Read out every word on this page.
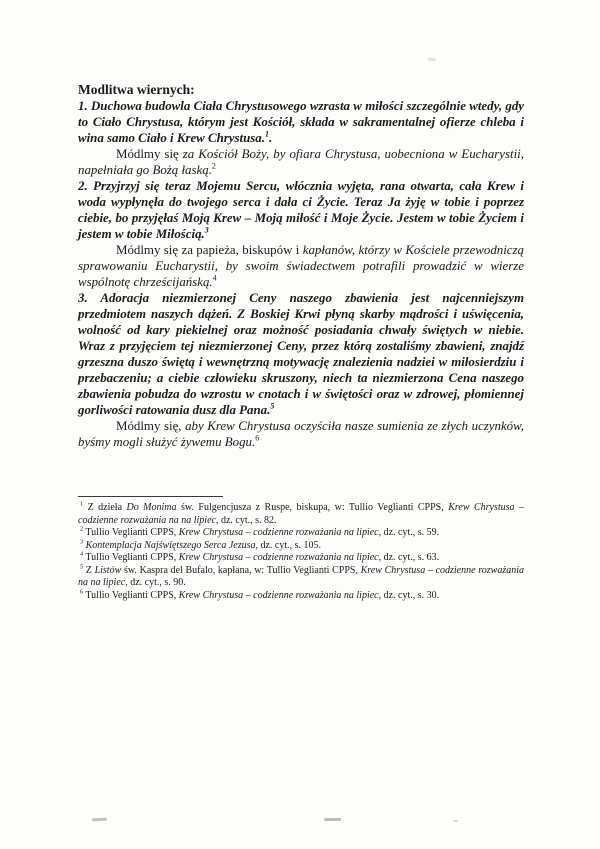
Modlitwa wiernych:

1. Duchowa budowla Ciała Chrystusowego wzrasta w miłości szczególnie wtedy, gdy to Ciało Chrystusa, którym jest Kościół, składa w sakramentalnej ofierze chleba i wina samo Ciało i Krew Chrystusa.$^1$.

Módlmy się za Kościół Boży, by ofiara Chrystusa, uobecniona w Eucharystii, napełniała go Bożą łaską.$^2$

2. Przyjrzyj się teraz Mojemu Sercu, włócznia wyjęta, rana otwarta, cała Krew i woda wypłynęła do twojego serca i dała ci Życie. Teraz Ja żyję w tobie i poprzez ciebie, bo przyjęłaś Moją Krew – Moją miłość i Moje Życie. Jestem w tobie Życiem i jestem w tobie Miłością.$^3$

Módlmy się za papieża, biskupów i kapłanów, którzy w Kościele przewodniczą sprawowaniu Eucharystii, by swoim świadectwem potrafili prowadzić w wierze wspólnotę chrześcijańską.$^4$

3. Adoracja niezmierzonej Ceny naszego zbawienia jest najcenniejszym przedmiotem naszych dążeń. Z Boskiej Krwi płyną skarby mądrości i uświęcenia, wolność od kary piekielnej oraz możność posiadania chwały świętych w niebie. Wraz z przyjęciem tej niezmierzonej Ceny, przez którą zostaliśmy zbawieni, znajdź grzeszna duszo świętą i wewnętrzną motywację znalezienia nadziei w miłosierdziu i przebaczeniu; a ciebie człowieku skruszony, niech ta niezmierzona Cena naszego zbawienia pobudza do wzrostu w cnotach i w świętości oraz w zdrowej, płomiennej gorliwości ratowania dusz dla Pana.$^5$

Módlmy się, aby Krew Chrystusa oczyściła nasze sumienia ze złych uczynków, byśmy mogli służyć żywemu Bogu.$^6$

$^1$ Z dzieła Do Monima św. Fulgencjusza z Ruspe, biskupa, w: Tullio Veglianti CPPS, Krew Chrystusa – codzienne rozważania na na lipiec, dz. cyt., s. 82.

$^2$ Tullio Veglianti CPPS, Krew Chrystusa – codzienne rozważania na lipiec, dz. cyt., s. 59.

$^3$ Kontemplacja Najświętszego Serca Jezusa, dz. cyt., s. 105.

$^4$ Tullio Veglianti CPPS, Krew Chrystusa – codzienne rozważania na lipiec, dz. cyt., s. 63.

$^5$ Z Listów św. Kaspra del Bufalo, kapłana, w: Tullio Veglianti CPPS, Krew Chrystusa – codzienne rozważania na na lipiec, dz. cyt., s. 90.

$^6$ Tullio Veglianti CPPS, Krew Chrystusa – codzienne rozważania na lipiec, dz. cyt., s. 30.
